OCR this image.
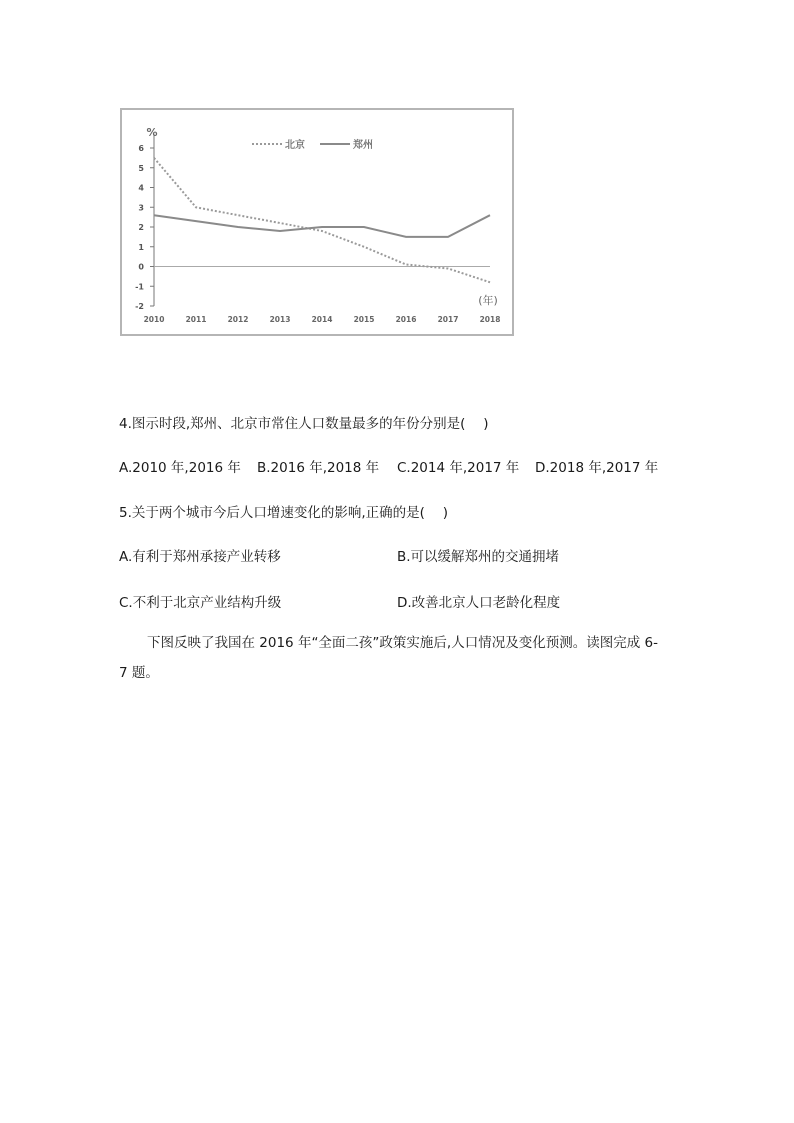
6
5
4
3
2
1
0
-1
-2
%
2010	2011	2012	2013	2014	2015	2016	2017	2018
(年)
北京	郑州
4.图示时段,郑州、北京市常住人口数量最多的年份分别是(　 )
A.2010 年,2016 年 B.2016 年,2018 年 C.2014 年,2017 年 D.2018 年,2017 年
5.关于两个城市今后人口增速变化的影响,正确的是(　 )
A.有利于郑州承接产业转移	B.可以缓解郑州的交通拥堵
C.不利于北京产业结构升级	D.改善北京人口老龄化程度
下图反映了我国在 2016 年“全面二孩”政策实施后,人口情况及变化预测。读图完成 6-7 题。
